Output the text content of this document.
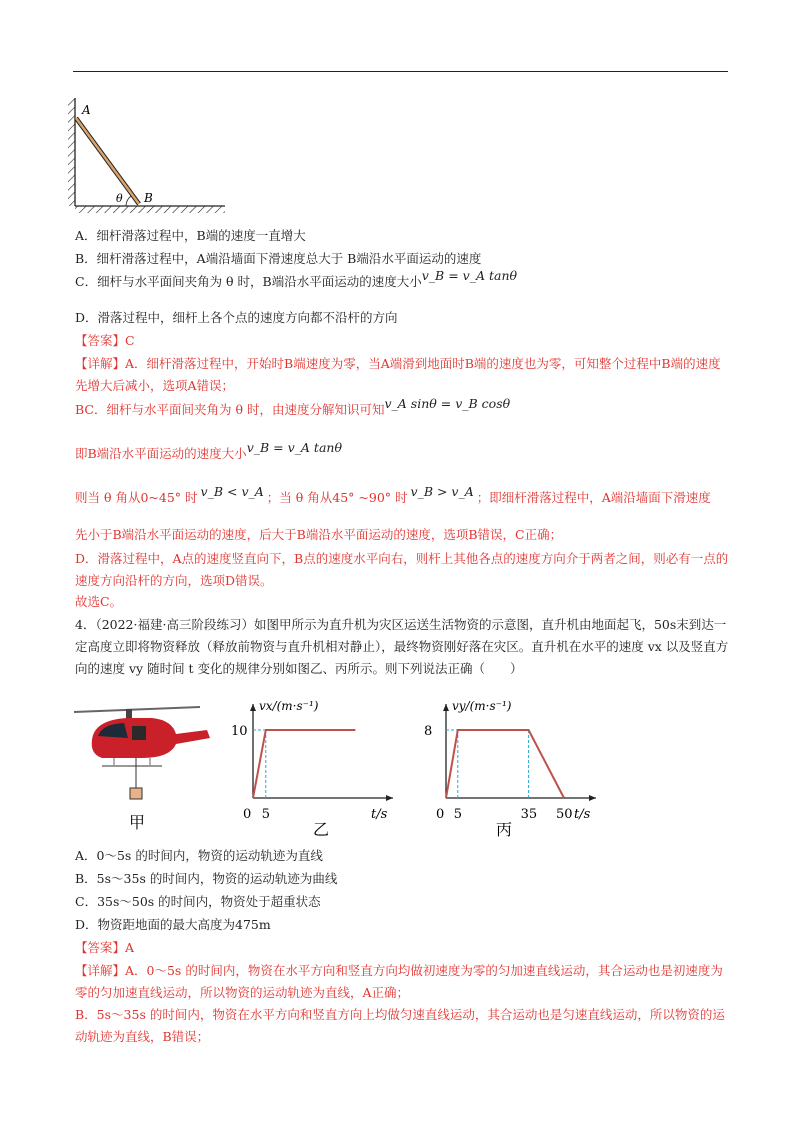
A
B
θ
A．细杆滑落过程中，B端的速度一直增大
B．细杆滑落过程中，A端沿墙面下滑速度总大于 B端沿水平面运动的速度
C．细杆与水平面间夹角为 θ 时，B端沿水平面运动的速度大小v_B = v_A tanθ
D．滑落过程中，细杆上各个点的速度方向都不沿杆的方向
【答案】C
【详解】A．细杆滑落过程中，开始时B端速度为零，当A端滑到地面时B端的速度也为零，可知整个过程中B端的速度先增大后减小，选项A错误；
BC．细杆与水平面间夹角为 θ 时，由速度分解知识可知v_A sinθ = v_B cosθ
即B端沿水平面运动的速度大小v_B = v_A tanθ
则当 θ 角从0~45° 时 v_B < v_A ；当 θ 角从45° ~90° 时 v_B > v_A ；即细杆滑落过程中，A端沿墙面下滑速度
先小于B端沿水平面运动的速度，后大于B端沿水平面运动的速度，选项B错误，C正确；
D．滑落过程中，A点的速度竖直向下，B点的速度水平向右，则杆上其他各点的速度方向介于两者之间，则必有一点的速度方向沿杆的方向，选项D错误。
故选C。
4．（2022·福建·高三阶段练习）如图甲所示为直升机为灾区运送生活物资的示意图，直升机由地面起飞，50s末到达一定高度立即将物资释放（释放前物资与直升机相对静止），最终物资刚好落在灾区。直升机在水平的速度 vx 以及竖直方向的速度 vy 随时间 t 变化的规律分别如图乙、丙所示。则下列说法正确（　　）
甲
vx/(m·s⁻¹)
t/s
10
0 5
乙
vy/(m·s⁻¹)
t/s
8
0 5	35 50
丙
A．0～5s 的时间内，物资的运动轨迹为直线
B．5s～35s 的时间内，物资的运动轨迹为曲线
C．35s～50s 的时间内，物资处于超重状态
D．物资距地面的最大高度为475m
【答案】A
【详解】A．0～5s 的时间内，物资在水平方向和竖直方向均做初速度为零的匀加速直线运动，其合运动也是初速度为零的匀加速直线运动，所以物资的运动轨迹为直线，A正确；
B．5s～35s 的时间内，物资在水平方向和竖直方向上均做匀速直线运动，其合运动也是匀速直线运动，所以物资的运动轨迹为直线，B错误；
